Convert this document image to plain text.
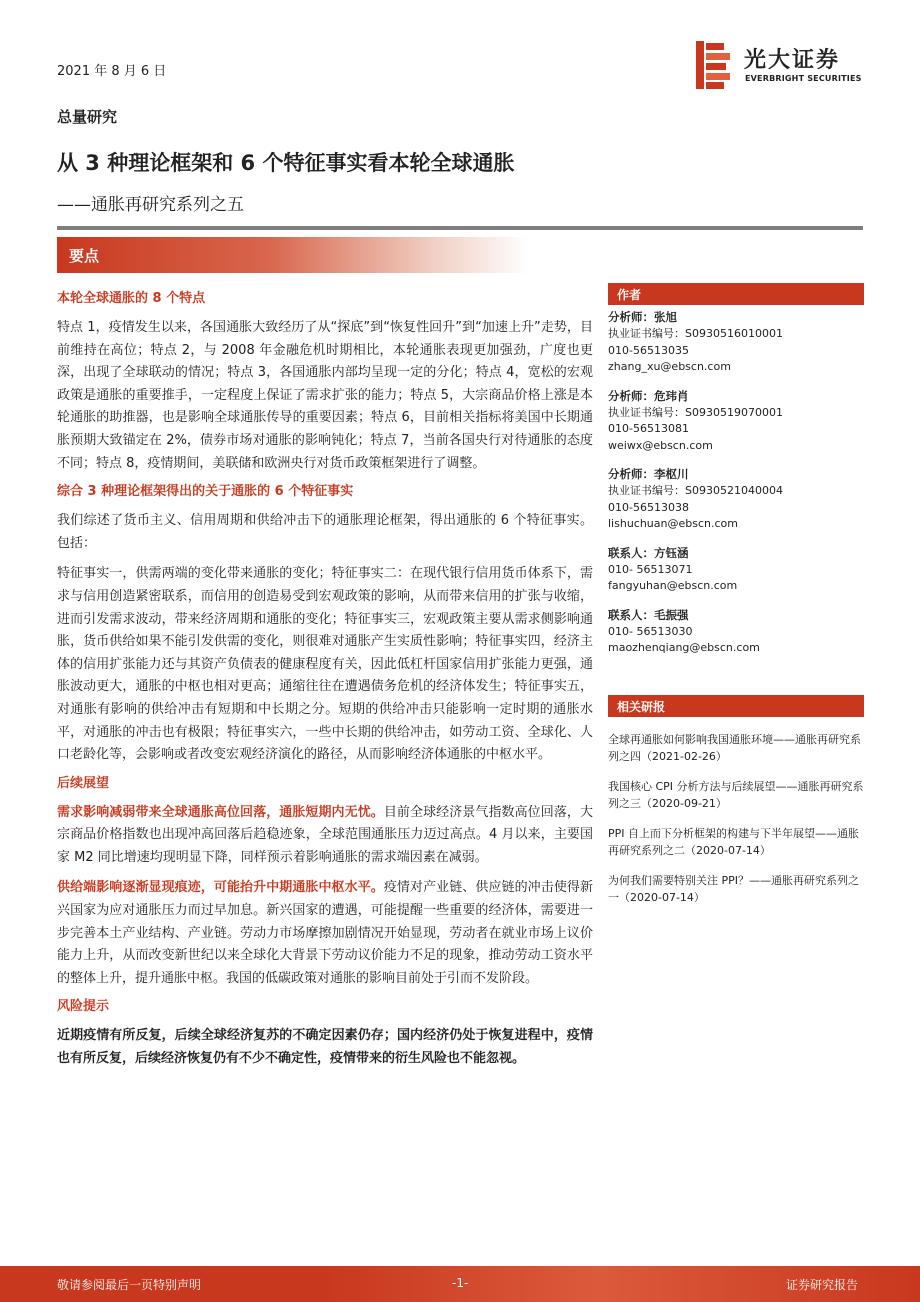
2021 年 8 月 6 日	光大证券
EVERBRIGHT SECURITIES
总量研究
从 3 种理论框架和 6 个特征事实看本轮全球通胀
——通胀再研究系列之五
要点
本轮全球通胀的 8 个特点

特点 1，疫情发生以来，各国通胀大致经历了从“探底”到“恢复性回升”到“加速上升”走势，目前维持在高位；特点 2，与 2008 年金融危机时期相比，本轮通胀表现更加强劲，广度也更深，出现了全球联动的情况；特点 3，各国通胀内部均呈现一定的分化；特点 4，宽松的宏观政策是通胀的重要推手，一定程度上保证了需求扩张的能力；特点 5，大宗商品价格上涨是本轮通胀的助推器，也是影响全球通胀传导的重要因素；特点 6，目前相关指标将美国中长期通胀预期大致锚定在 2%，债券市场对通胀的影响钝化；特点 7，当前各国央行对待通胀的态度不同；特点 8，疫情期间，美联储和欧洲央行对货币政策框架进行了调整。

综合 3 种理论框架得出的关于通胀的 6 个特征事实

我们综述了货币主义、信用周期和供给冲击下的通胀理论框架，得出通胀的 6 个特征事实。包括：

特征事实一，供需两端的变化带来通胀的变化；特征事实二：在现代银行信用货币体系下，需求与信用创造紧密联系，而信用的创造易受到宏观政策的影响，从而带来信用的扩张与收缩，进而引发需求波动，带来经济周期和通胀的变化；特征事实三，宏观政策主要从需求侧影响通胀，货币供给如果不能引发供需的变化，则很难对通胀产生实质性影响；特征事实四，经济主体的信用扩张能力还与其资产负债表的健康程度有关，因此低杠杆国家信用扩张能力更强，通胀波动更大，通胀的中枢也相对更高；通缩往往在遭遇债务危机的经济体发生；特征事实五，对通胀有影响的供给冲击有短期和中长期之分。短期的供给冲击只能影响一定时期的通胀水平，对通胀的冲击也有极限；特征事实六，一些中长期的供给冲击，如劳动工资、全球化、人口老龄化等，会影响或者改变宏观经济演化的路径，从而影响经济体通胀的中枢水平。

后续展望

需求影响减弱带来全球通胀高位回落，通胀短期内无忧。目前全球经济景气指数高位回落，大宗商品价格指数也出现冲高回落后趋稳迹象，全球范围通胀压力迈过高点。4 月以来，主要国家 M2 同比增速均现明显下降，同样预示着影响通胀的需求端因素在减弱。

供给端影响逐渐显现痕迹，可能抬升中期通胀中枢水平。疫情对产业链、供应链的冲击使得新兴国家为应对通胀压力而过早加息。新兴国家的遭遇，可能提醒一些重要的经济体，需要进一步完善本土产业结构、产业链。劳动力市场摩擦加剧情况开始显现，劳动者在就业市场上议价能力上升，从而改变新世纪以来全球化大背景下劳动议价能力不足的现象，推动劳动工资水平的整体上升，提升通胀中枢。我国的低碳政策对通胀的影响目前处于引而不发阶段。

风险提示

近期疫情有所反复，后续全球经济复苏的不确定因素仍存；国内经济仍处于恢复进程中，疫情也有所反复，后续经济恢复仍有不少不确定性，疫情带来的衍生风险也不能忽视。

作者
分析师：张旭
执业证书编号：S0930516010001
010-56513035
zhang_xu@ebscn.com
分析师：危玮肖
执业证书编号：S0930519070001
010-56513081
weiwx@ebscn.com
分析师：李枢川
执业证书编号：S0930521040004
010-56513038
lishuchuan@ebscn.com
联系人：方钰涵
010- 56513071
fangyuhan@ebscn.com
联系人：毛振强
010- 56513030
maozhenqiang@ebscn.com
相关研报
全球再通胀如何影响我国通胀环境——通胀再研究系列之四（2021-02-26）
我国核心 CPI 分析方法与后续展望——通胀再研究系列之三（2020-09-21）
PPI 自上而下分析框架的构建与下半年展望——通胀再研究系列之二（2020-07-14）
为何我们需要特别关注 PPI？——通胀再研究系列之一（2020-07-14）
敬请参阅最后一页特别声明	-1-	证券研究报告
